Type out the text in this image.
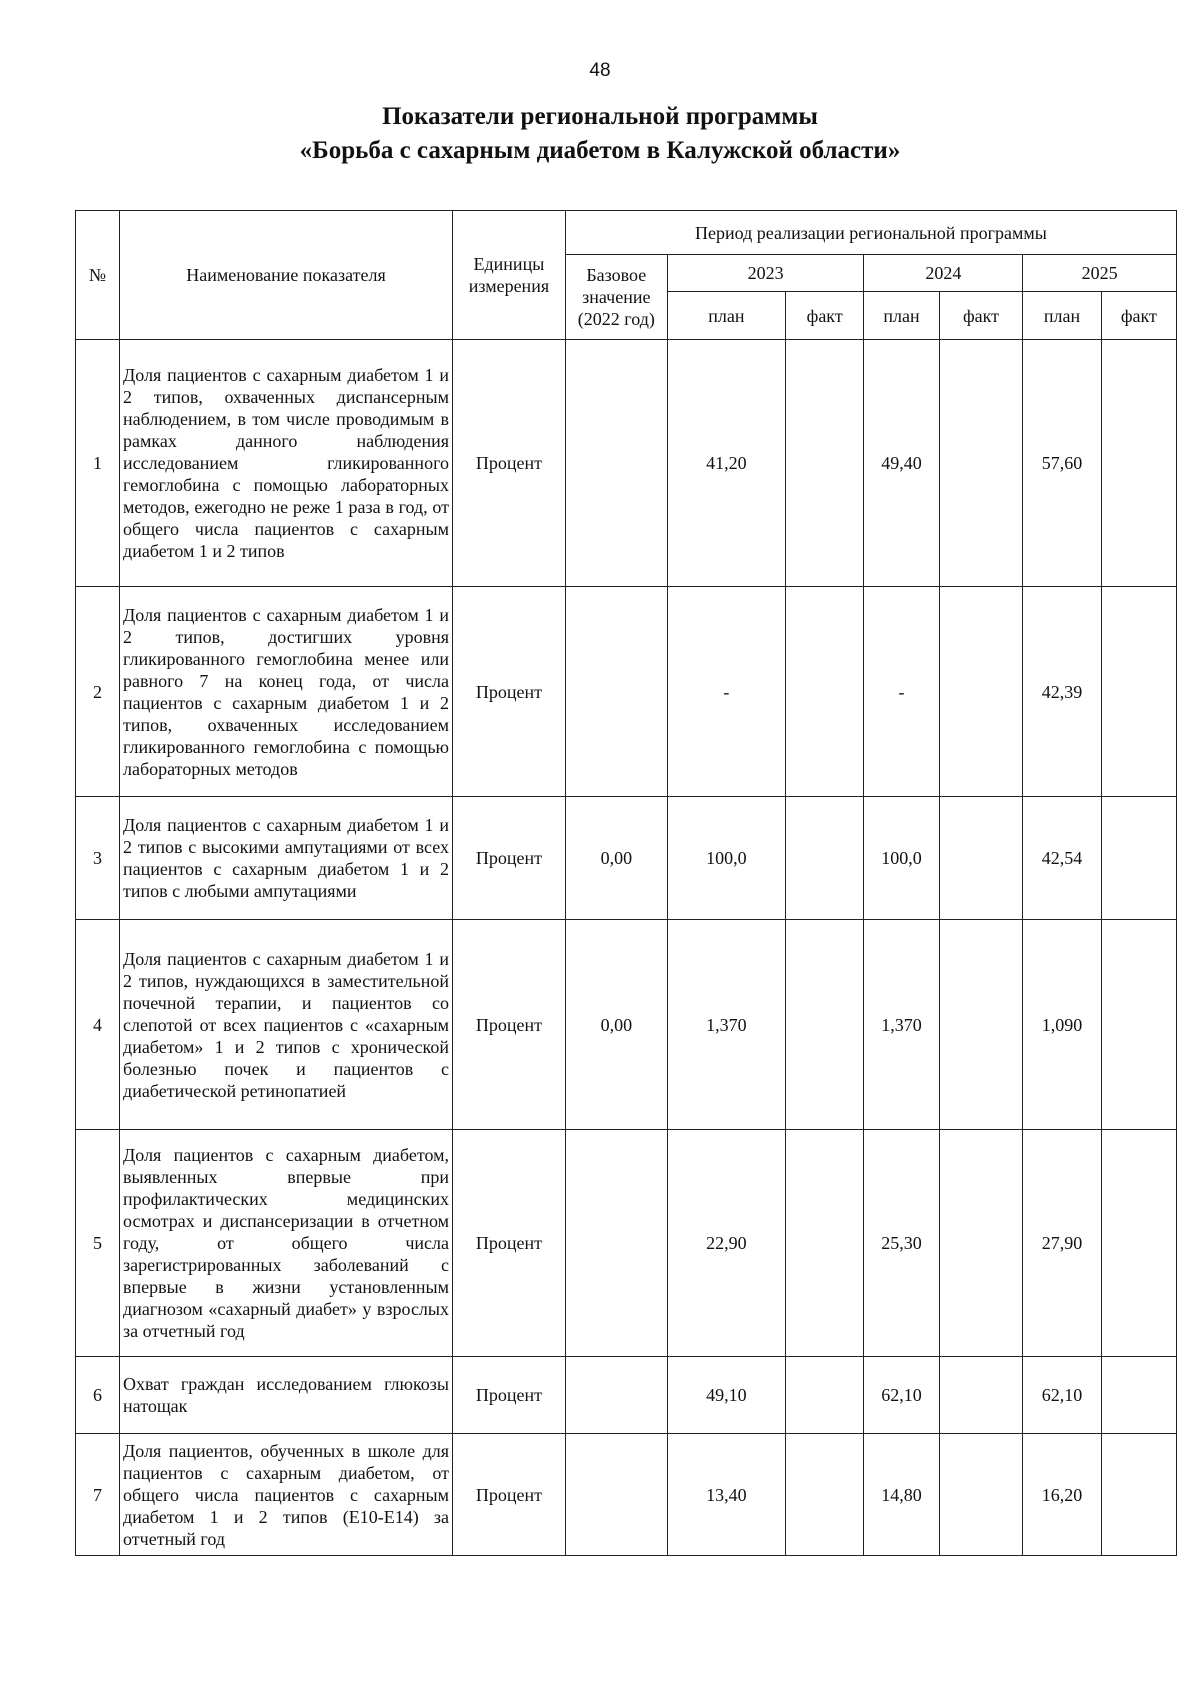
48
Показатели региональной программы
«Борьба с сахарным диабетом в Калужской области»
№	Наименование показателя	Единицы измерения	Период реализации региональной программы						
			Базовое значение (2022 год)	2023		2024		2025	
				план	факт	план	факт	план	факт
1	Доля пациентов с сахарным диабетом 1 и 2 типов, охваченных диспансерным наблюдением, в том числе проводимым в рамках данного наблюдения исследованием гликированного гемоглобина с помощью лабораторных методов, ежегодно не реже 1 раза в год, от общего числа пациентов с сахарным диабетом 1 и 2 типов	Процент		41,20		49,40		57,60	
2	Доля пациентов с сахарным диабетом 1 и 2 типов, достигших уровня гликированного гемоглобина менее или равного 7 на конец года, от числа пациентов с сахарным диабетом 1 и 2 типов, охваченных исследованием гликированного гемоглобина с помощью лабораторных методов	Процент		-		-		42,39	
3	Доля пациентов с сахарным диабетом 1 и 2 типов с высокими ампутациями от всех пациентов с сахарным диабетом 1 и 2 типов с любыми ампутациями	Процент	0,00	100,0		100,0		42,54	
4	Доля пациентов с сахарным диабетом 1 и 2 типов, нуждающихся в заместительной почечной терапии, и пациентов со слепотой от всех пациентов с «сахарным диабетом» 1 и 2 типов с хронической болезнью почек и пациентов с диабетической ретинопатией	Процент	0,00	1,370		1,370		1,090	
5	Доля пациентов с сахарным диабетом, выявленных впервые при профилактических медицинских осмотрах и диспансеризации в отчетном году, от общего числа зарегистрированных заболеваний с впервые в жизни установленным диагнозом «сахарный диабет» у взрослых за отчетный год	Процент		22,90		25,30		27,90	
6	Охват граждан исследованием глюкозы натощак	Процент		49,10		62,10		62,10	
7	Доля пациентов, обученных в школе для пациентов с сахарным диабетом, от общего числа пациентов с сахарным диабетом 1 и 2 типов (Е10-Е14) за отчетный год	Процент		13,40		14,80		16,20	
